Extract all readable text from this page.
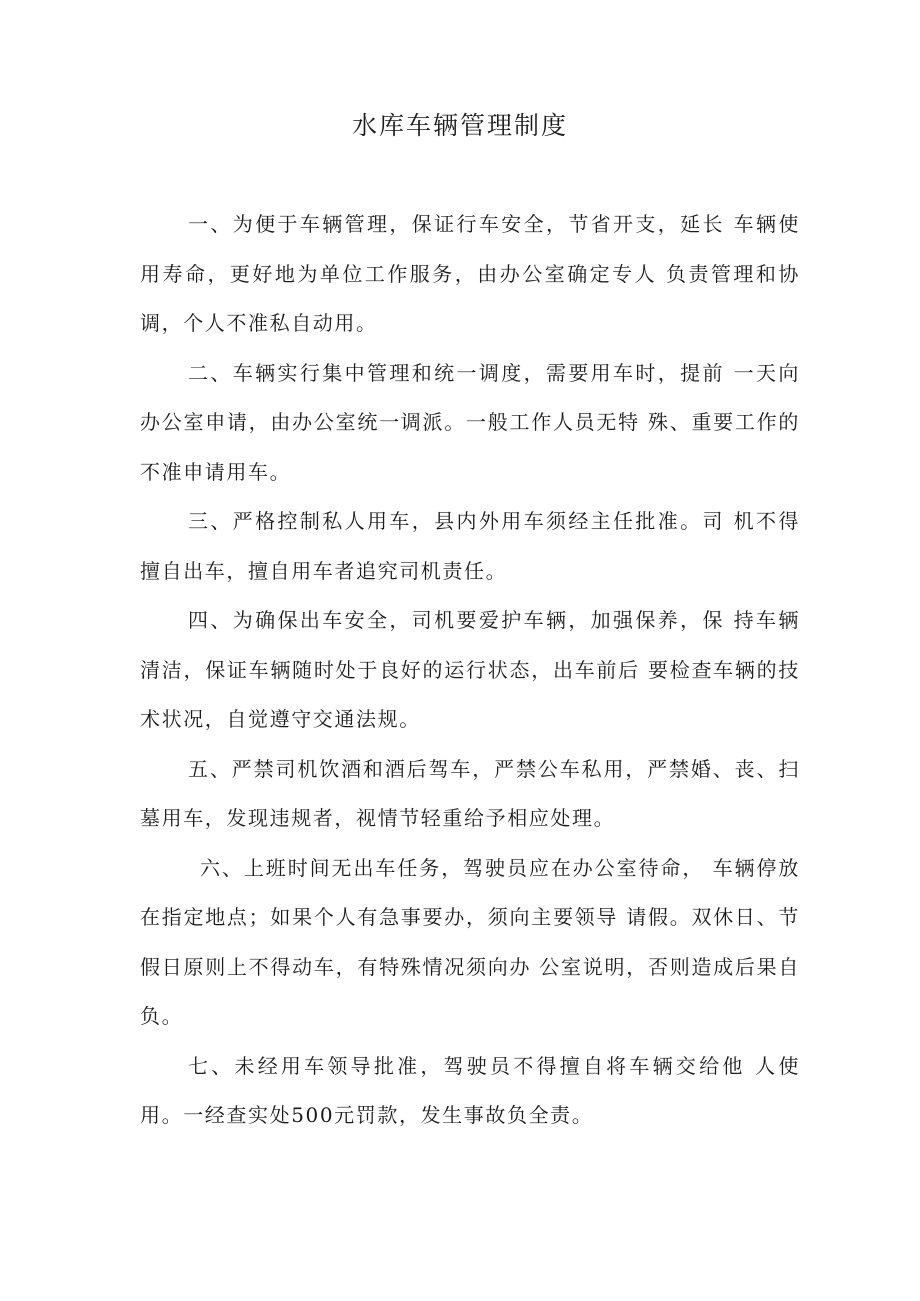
水库车辆管理制度

一、为便于车辆管理，保证行车安全，节省开支，延长 车辆使用寿命，更好地为单位工作服务，由办公室确定专人 负责管理和协调，个人不准私自动用。

二、车辆实行集中管理和统一调度，需要用车时，提前 一天向办公室申请，由办公室统一调派。一般工作人员无特 殊、重要工作的不准申请用车。

三、严格控制私人用车，县内外用车须经主任批准。司 机不得擅自出车，擅自用车者追究司机责任。

四、为确保出车安全，司机要爱护车辆，加强保养，保 持车辆清洁，保证车辆随时处于良好的运行状态，出车前后 要检查车辆的技术状况，自觉遵守交通法规。

五、严禁司机饮酒和酒后驾车，严禁公车私用，严禁婚、丧、扫墓用车，发现违规者，视情节轻重给予相应处理。

六、上班时间无出车任务，驾驶员应在办公室待命， 车辆停放在指定地点；如果个人有急事要办，须向主要领导 请假。双休日、节假日原则上不得动车，有特殊情况须向办 公室说明，否则造成后果自负。

七、未经用车领导批准，驾驶员不得擅自将车辆交给他 人使用。一经查实处500元罚款，发生事故负全责。
